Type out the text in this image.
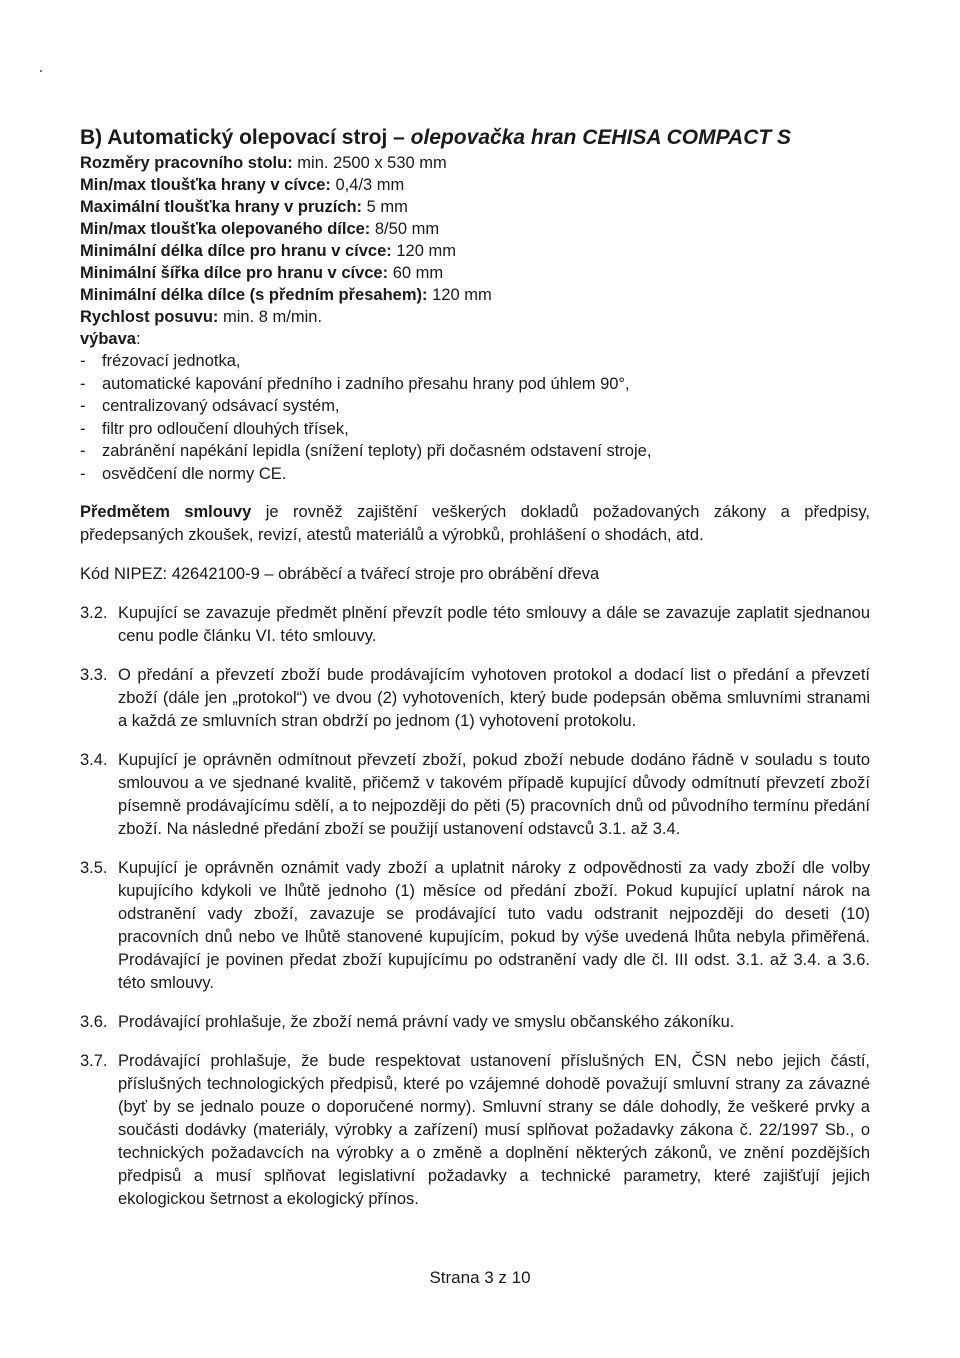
B) Automatický olepovací stroj – olepovačka hran CEHISA COMPACT S
Rozměry pracovního stolu: min. 2500 x 530 mm
Min/max tloušťka hrany v cívce: 0,4/3 mm
Maximální tloušťka hrany v pruzích: 5 mm
Min/max tloušťka olepovaného dílce: 8/50 mm
Minimální délka dílce pro hranu v cívce: 120 mm
Minimální šířka dílce pro hranu v cívce: 60 mm
Minimální délka dílce (s předním přesahem): 120 mm
Rychlost posuvu: min. 8 m/min.
výbava:
- frézovací jednotka,
- automatické kapování předního i zadního přesahu hrany pod úhlem 90°,
- centralizovaný odsávací systém,
- filtr pro odloučení dlouhých třísek,
- zabránění napékání lepidla (snížení teploty) při dočasném odstavení stroje,
- osvědčení dle normy CE.

Předmětem smlouvy je rovněž zajištění veškerých dokladů požadovaných zákony a předpisy, předepsaných zkoušek, revizí, atestů materiálů a výrobků, prohlášení o shodách, atd.

Kód NIPEZ: 42642100-9 – obráběcí a tvářecí stroje pro obrábění dřeva

3.2. Kupující se zavazuje předmět plnění převzít podle této smlouvy a dále se zavazuje zaplatit sjednanou cenu podle článku VI. této smlouvy.
3.3. O předání a převzetí zboží bude prodávajícím vyhotoven protokol a dodací list o předání a převzetí zboží (dále jen „protokol“) ve dvou (2) vyhotoveních, který bude podepsán oběma smluvními stranami a každá ze smluvních stran obdrží po jednom (1) vyhotovení protokolu.
3.4. Kupující je oprávněn odmítnout převzetí zboží, pokud zboží nebude dodáno řádně v souladu s touto smlouvou a ve sjednané kvalitě, přičemž v takovém případě kupující důvody odmítnutí převzetí zboží písemně prodávajícímu sdělí, a to nejpozději do pěti (5) pracovních dnů od původního termínu předání zboží. Na následné předání zboží se použijí ustanovení odstavců 3.1. až 3.4.
3.5. Kupující je oprávněn oznámit vady zboží a uplatnit nároky z odpovědnosti za vady zboží dle volby kupujícího kdykoli ve lhůtě jednoho (1) měsíce od předání zboží. Pokud kupující uplatní nárok na odstranění vady zboží, zavazuje se prodávající tuto vadu odstranit nejpozději do deseti (10) pracovních dnů nebo ve lhůtě stanovené kupujícím, pokud by výše uvedená lhůta nebyla přiměřená. Prodávající je povinen předat zboží kupujícímu po odstranění vady dle čl. III odst. 3.1. až 3.4. a 3.6. této smlouvy.
3.6. Prodávající prohlašuje, že zboží nemá právní vady ve smyslu občanského zákoníku.
3.7. Prodávající prohlašuje, že bude respektovat ustanovení příslušných EN, ČSN nebo jejich částí, příslušných technologických předpisů, které po vzájemné dohodě považují smluvní strany za závazné (byť by se jednalo pouze o doporučené normy). Smluvní strany se dále dohodly, že veškeré prvky a součásti dodávky (materiály, výrobky a zařízení) musí splňovat požadavky zákona č. 22/1997 Sb., o technických požadavcích na výrobky a o změně a doplnění některých zákonů, ve znění pozdějších předpisů a musí splňovat legislativní požadavky a technické parametry, které zajišťují jejich ekologickou šetrnost a ekologický přínos.
Strana 3 z 10
